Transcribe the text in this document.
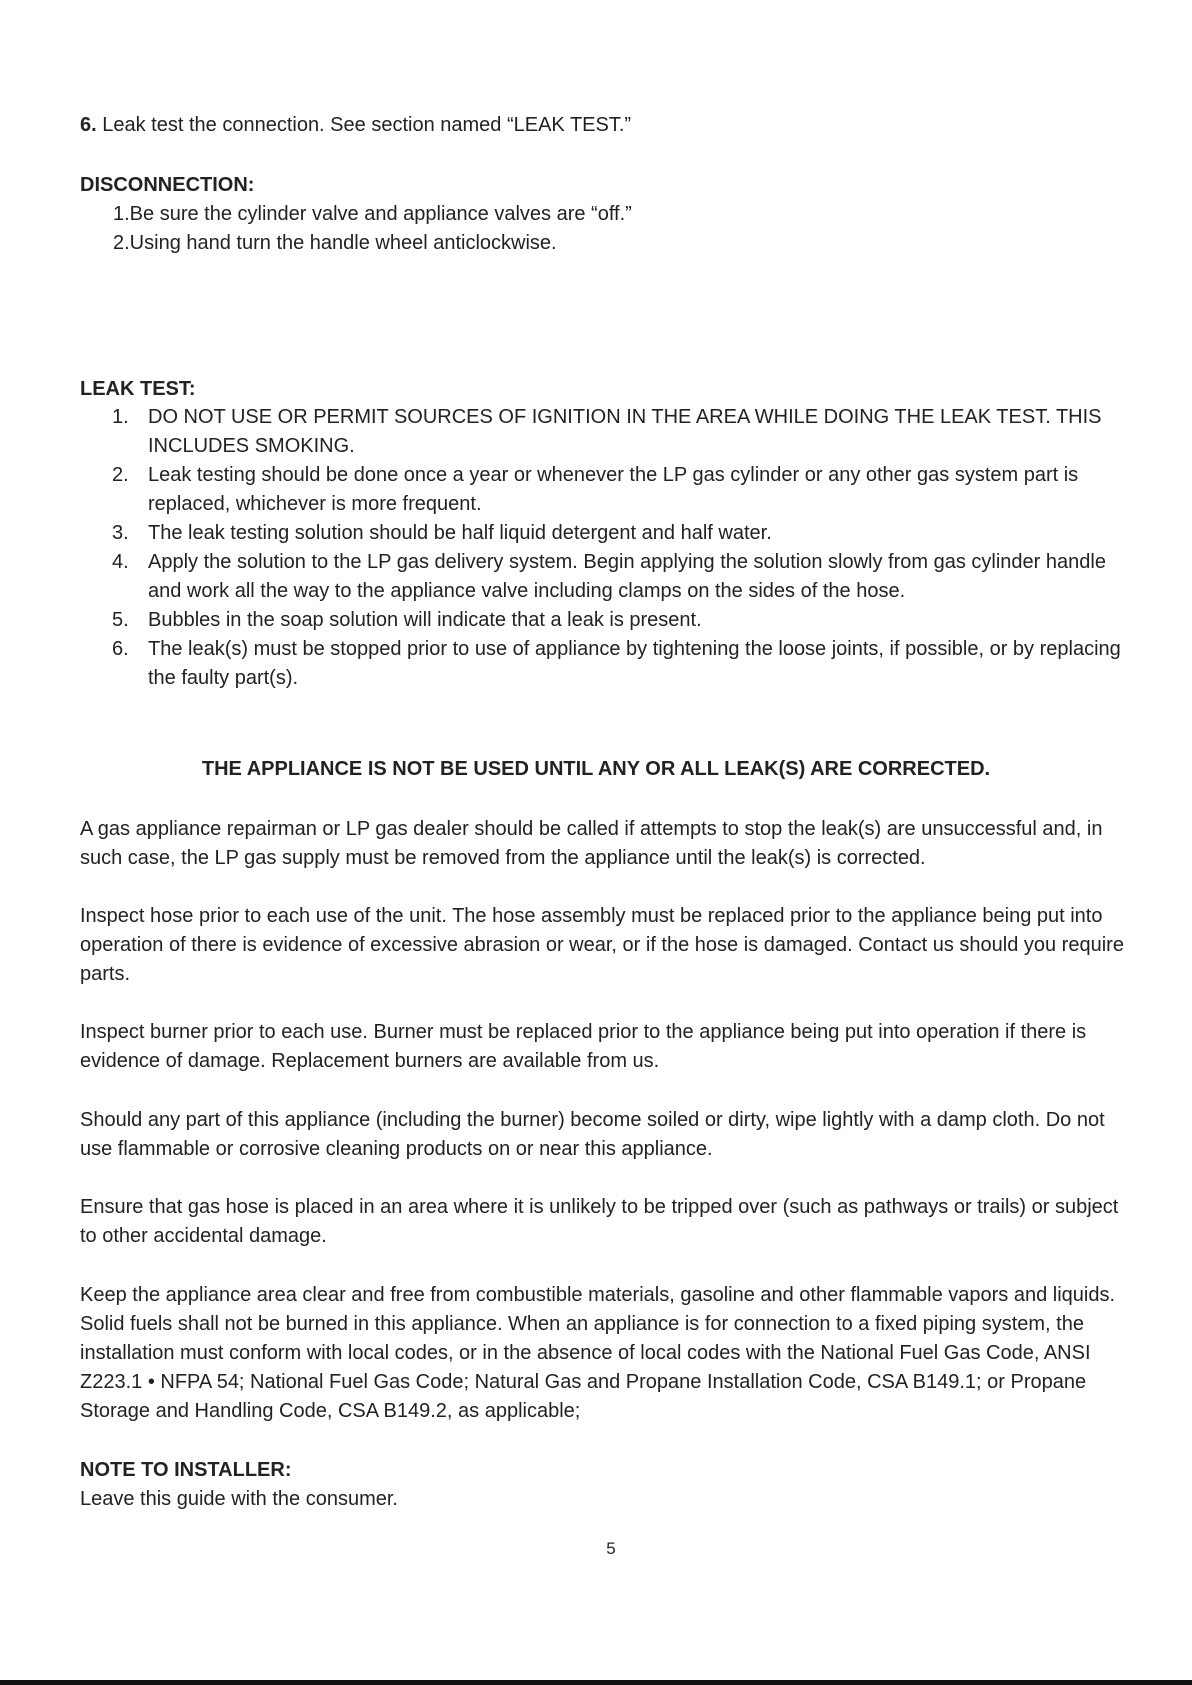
6. Leak test the connection. See section named “LEAK TEST.”

DISCONNECTION:

1.Be sure the cylinder valve and appliance valves are “off.”
2.Using hand turn the handle wheel anticlockwise.

LEAK TEST:

1. DO NOT USE OR PERMIT SOURCES OF IGNITION IN THE AREA WHILE DOING THE LEAK TEST. THIS INCLUDES SMOKING.
2. Leak testing should be done once a year or whenever the LP gas cylinder or any other gas system part is replaced, whichever is more frequent.
3. The leak testing solution should be half liquid detergent and half water.
4. Apply the solution to the LP gas delivery system. Begin applying the solution slowly from gas cylinder handle and work all the way to the appliance valve including clamps on the sides of the hose.
5. Bubbles in the soap solution will indicate that a leak is present.
6. The leak(s) must be stopped prior to use of appliance by tightening the loose joints, if possible, or by replacing the faulty part(s).

THE APPLIANCE IS NOT BE USED UNTIL ANY OR ALL LEAK(S) ARE CORRECTED.

A gas appliance repairman or LP gas dealer should be called if attempts to stop the leak(s) are unsuccessful and, in such case, the LP gas supply must be removed from the appliance until the leak(s) is corrected.

Inspect hose prior to each use of the unit. The hose assembly must be replaced prior to the appliance being put into operation of there is evidence of excessive abrasion or wear, or if the hose is damaged. Contact us should you require parts.

Inspect burner prior to each use. Burner must be replaced prior to the appliance being put into operation if there is evidence of damage. Replacement burners are available from us.

Should any part of this appliance (including the burner) become soiled or dirty, wipe lightly with a damp cloth. Do not use flammable or corrosive cleaning products on or near this appliance.

Ensure that gas hose is placed in an area where it is unlikely to be tripped over (such as pathways or trails) or subject to other accidental damage.

Keep the appliance area clear and free from combustible materials, gasoline and other flammable vapors and liquids. Solid fuels shall not be burned in this appliance. When an appliance is for connection to a fixed piping system, the installation must conform with local codes, or in the absence of local codes with the National Fuel Gas Code, ANSI Z223.1 • NFPA 54; National Fuel Gas Code; Natural Gas and Propane Installation Code, CSA B149.1; or Propane Storage and Handling Code, CSA B149.2, as applicable;

NOTE TO INSTALLER:

Leave this guide with the consumer.

5
